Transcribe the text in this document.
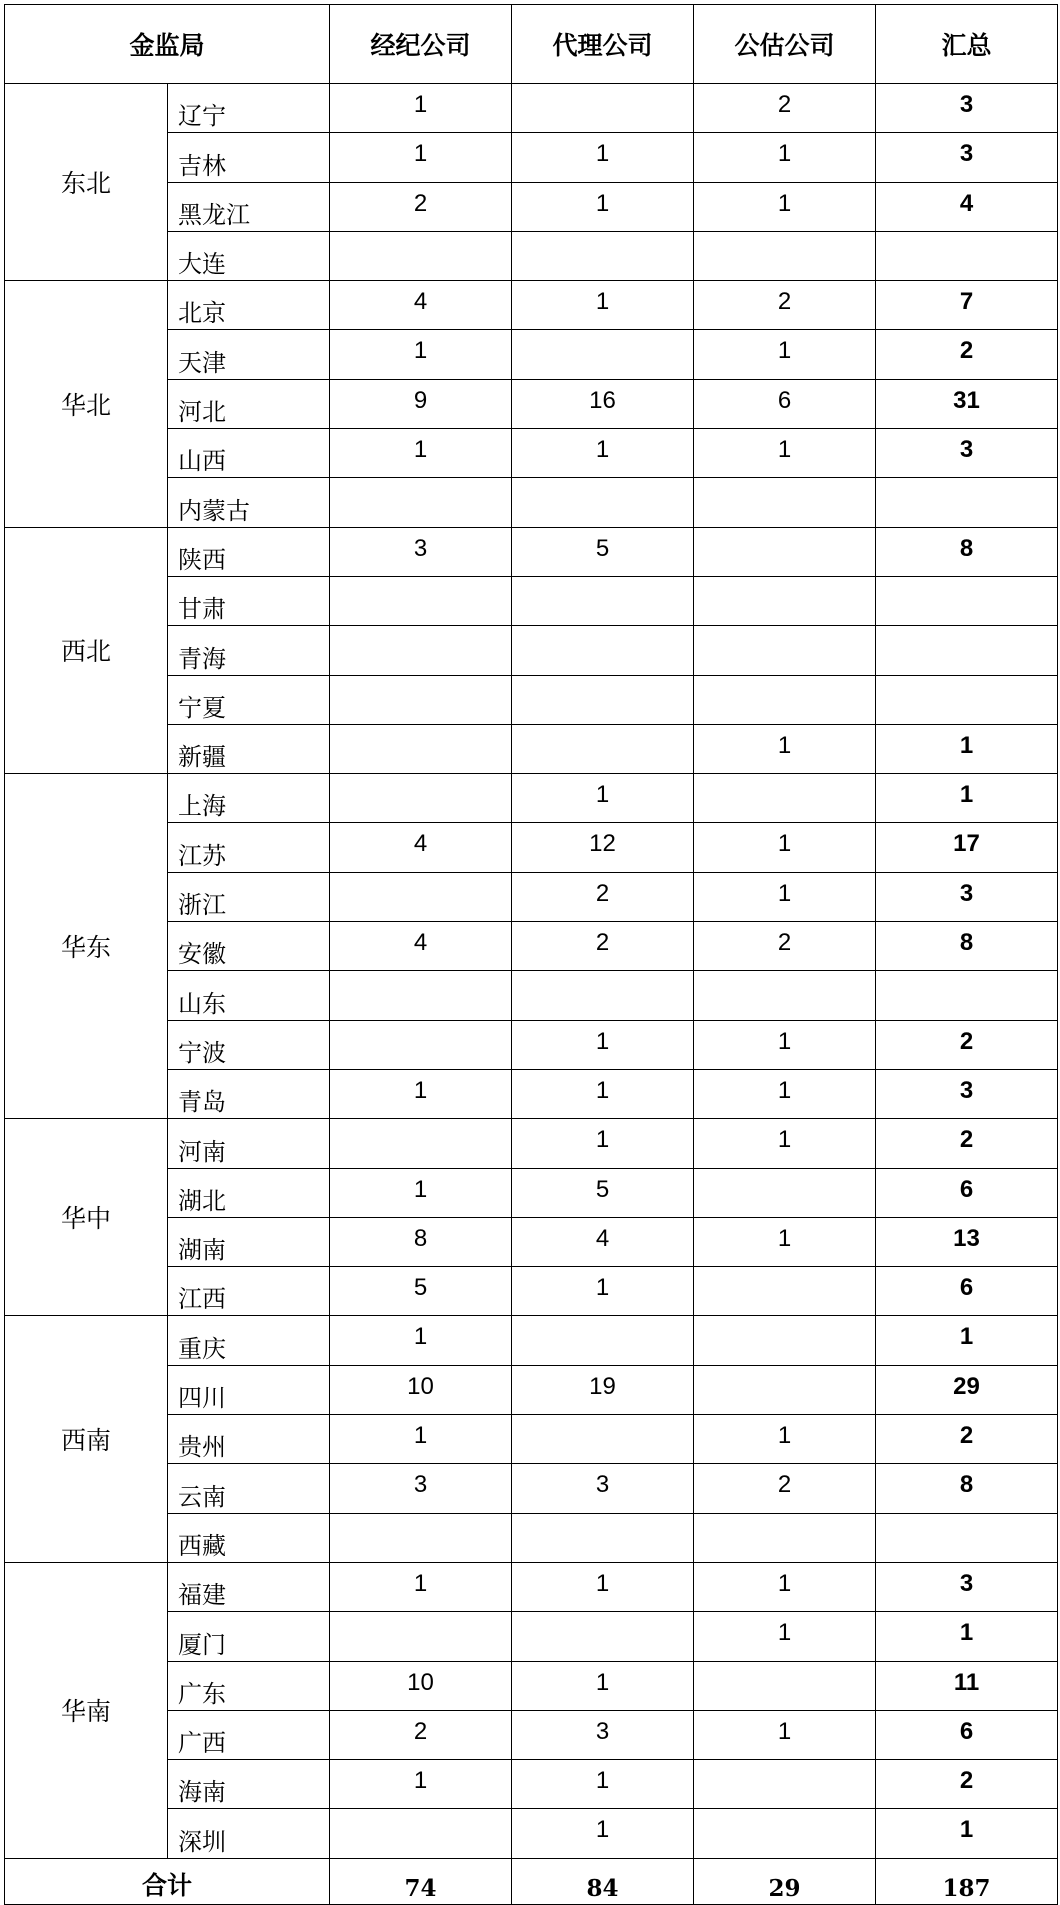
金监局		经纪公司	代理公司	公估公司	汇总
东北	辽宁	1		2	3
	吉林	1	1	1	3
	黑龙江	2	1	1	4
	大连				
华北	北京	4	1	2	7
	天津	1		1	2
	河北	9	16	6	31
	山西	1	1	1	3
	内蒙古				
西北	陕西	3	5		8
	甘肃				
	青海				
	宁夏				
	新疆			1	1
华东	上海		1		1
	江苏	4	12	1	17
	浙江		2	1	3
	安徽	4	2	2	8
	山东				
	宁波		1	1	2
	青岛	1	1	1	3
华中	河南		1	1	2
	湖北	1	5		6
	湖南	8	4	1	13
	江西	5	1		6
西南	重庆	1			1
	四川	10	19		29
	贵州	1		1	2
	云南	3	3	2	8
	西藏				
华南	福建	1	1	1	3
	厦门			1	1
	广东	10	1		11
	广西	2	3	1	6
	海南	1	1		2
	深圳		1		1
合计		74	84	29	187
